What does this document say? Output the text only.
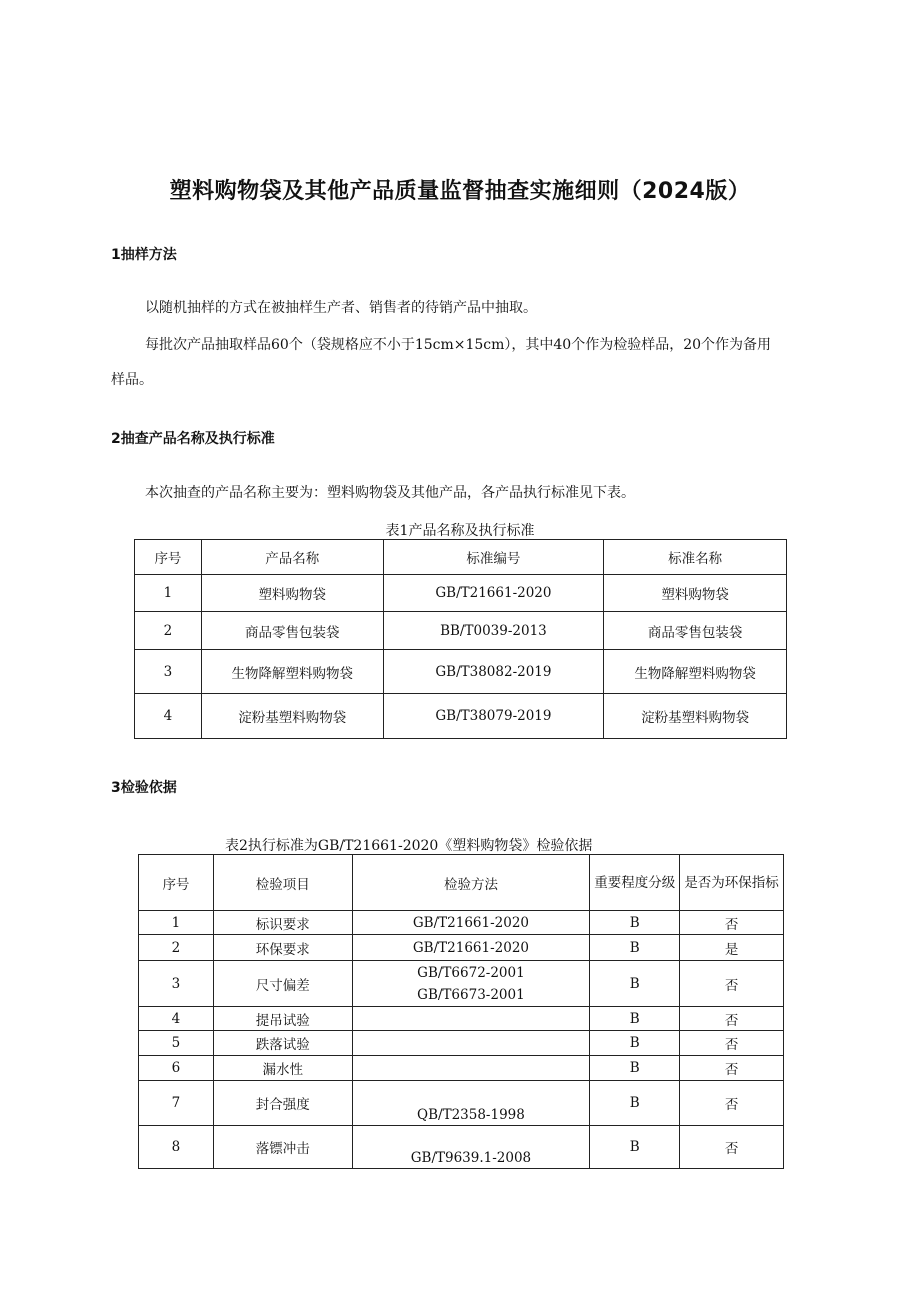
塑料购物袋及其他产品质量监督抽查实施细则（2024版）
1抽样方法
以随机抽样的方式在被抽样生产者、销售者的待销产品中抽取。
每批次产品抽取样品60个（袋规格应不小于15cm×15cm），其中40个作为检验样品，20个作为备用
样品。
2抽查产品名称及执行标准
本次抽查的产品名称主要为：塑料购物袋及其他产品，各产品执行标准见下表。
表1产品名称及执行标准
序号	产品名称	标准编号	标准名称
1	塑料购物袋	GB/T21661-2020	塑料购物袋
2	商品零售包装袋	BB/T0039-2013	商品零售包装袋
3	生物降解塑料购物袋	GB/T38082-2019	生物降解塑料购物袋
4	淀粉基塑料购物袋	GB/T38079-2019	淀粉基塑料购物袋
3检验依据
表2执行标准为GB/T21661-2020《塑料购物袋》检验依据
序号	检验项目	检验方法	重要程度分级	是否为环保指标
1	标识要求	GB/T21661-2020	B	否
2	环保要求	GB/T21661-2020	B	是
3	尺寸偏差	GB/T6672-2001
GB/T6673-2001	B	否
4	提吊试验		B	否
5	跌落试验		B	否
6	漏水性		B	否
7	封合强度	QB/T2358-1998	B	否
8	落镖冲击	GB/T9639.1-2008	B	否
